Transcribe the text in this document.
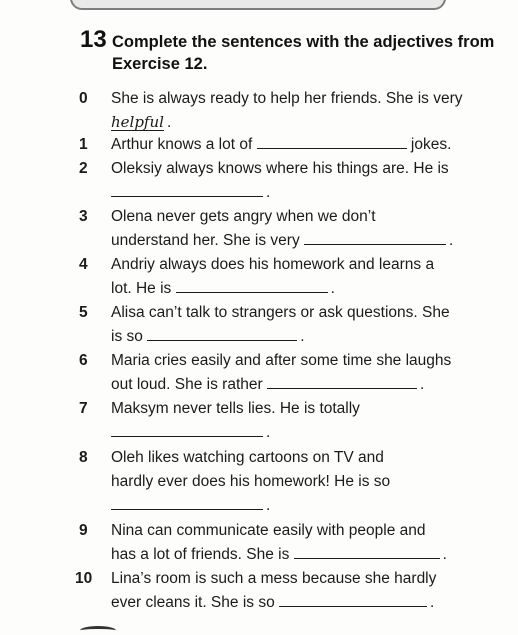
13 Complete the sentences with the adjectives from
Exercise 12.
0	She is always ready to help her friends. She is very
helpful .
1	Arthur knows a lot of	jokes.
2	Oleksiy always knows where his things are. He is
.
3	Olena never gets angry when we don’t
understand her. She is very	.
4	Andriy always does his homework and learns a
lot. He is	.
5	Alisa can’t talk to strangers or ask questions. She
is so	.
6	Maria cries easily and after some time she laughs
out loud. She is rather	.
7	Maksym never tells lies. He is totally
.
8	Oleh likes watching cartoons on TV and
hardly ever does his homework! He is so
.
9	Nina can communicate easily with people and
has a lot of friends. She is	.
10	Lina’s room is such a mess because she hardly
ever cleans it. She is so	.
